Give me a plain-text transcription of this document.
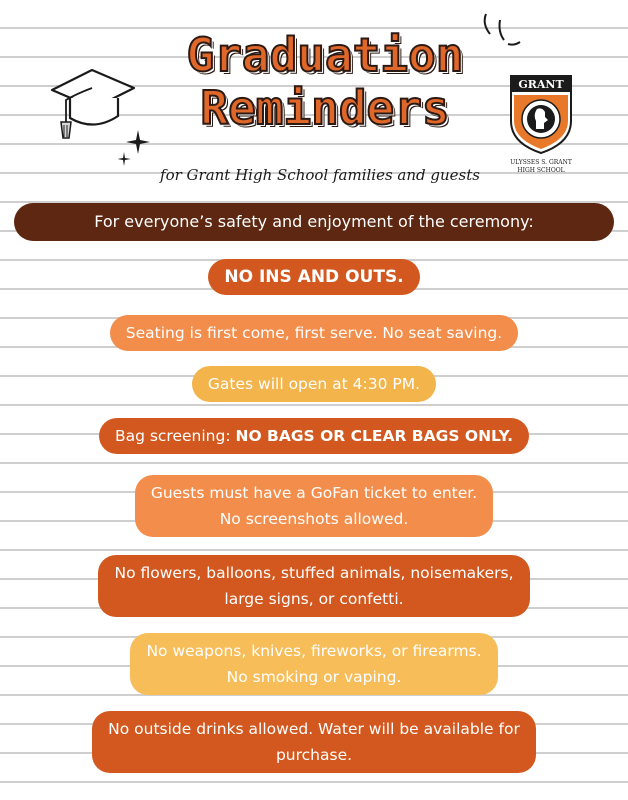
Graduation
Reminders
for Grant High School families and guests
GRANT
ULYSSES S. GRANT
HIGH SCHOOL
For everyone’s safety and enjoyment of the ceremony:
NO INS AND OUTS.
Seating is first come, first serve. No seat saving.
Gates will open at 4:30 PM.
Bag screening: NO BAGS OR CLEAR BAGS ONLY.
Guests must have a GoFan ticket to enter.
No screenshots allowed.
No flowers, balloons, stuffed animals, noisemakers,
large signs, or confetti.
No weapons, knives, fireworks, or firearms.
No smoking or vaping.
No outside drinks allowed. Water will be available for
purchase.
